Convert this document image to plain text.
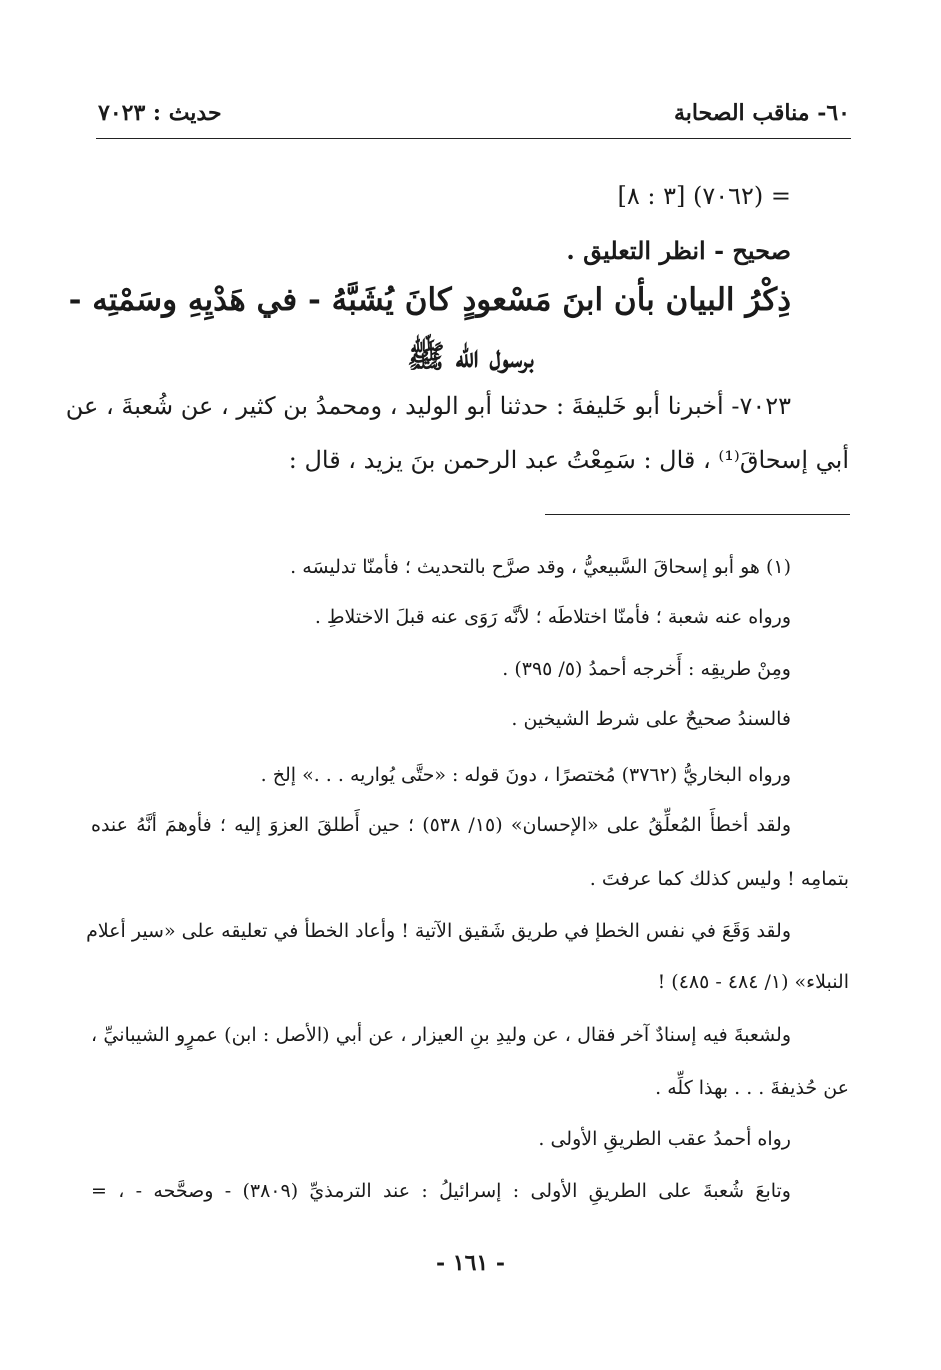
٦٠- مناقب الصحابة
حديث : ٧٠٢٣
= (٧٠٦٢) [٣ : ٨]
صحيح - انظر التعليق .
ذِكْرُ البيان بأن ابنَ مَسْعودٍ كانَ يُشَبَّهُ - في هَدْيِهِ وسَمْتِه -
برسول اللّه ﷺ
٧٠٢٣- أخبرنا أبو خَليفةَ : حدثنا أبو الوليد ، ومحمدُ بن كثير ، عن شُعبةَ ، عن
أبي إسحاقَ⁽¹⁾ ، قال : سَمِعْتُ عبد الرحمن بنَ يزيد ، قال :
(١) هو أبو إسحاقَ السَّبيعيُّ ، وقد صرَّح بالتحديث ؛ فأمنّا تدليسَه .
ورواه عنه شعبة ؛ فأمنّا اختلاطَه ؛ لأنَّه رَوَى عنه قبلَ الاختلاطِ .
ومِنْ طريقِه : أَخرجه أحمدُ (٥/ ٣٩٥) .
فالسندُ صحيحٌ على شرط الشيخين .
ورواه البخاريُّ (٣٧٦٢) مُختصرًا ، دونَ قوله : «حتَّى يُواريه . . .» إلخ .
ولقد أخطأَ المُعلِّقُ على «الإحسان» (١٥/ ٥٣٨) ؛ حين أَطلقَ العزوَ إليه ؛ فأوهمَ أنَّهُ عنده
بتمامِه ! وليس كذلك كما عرفتَ .
ولقد وَقَعَ في نفس الخطإ في طريق شَقيق الآتية ! وأعاد الخطأ في تعليقه على «سير أعلام
النبلاء» (١/ ٤٨٤ - ٤٨٥) !
ولشعبةَ فيه إسنادٌ آخر فقال ، عن وليدِ بنِ العيزار ، عن أبي (الأصل : ابن) عمرٍو الشيبانيِّ ،
عن حُذيفةَ . . . بهذا كلِّه .
رواه أحمدُ عقب الطريقِ الأولى .
وتابعَ شُعبةَ على الطريقِ الأولى : إسرائيلُ : عند الترمذيِّ (٣٨٠٩) - وصحَّحه - ، =
- ١٦١ -
